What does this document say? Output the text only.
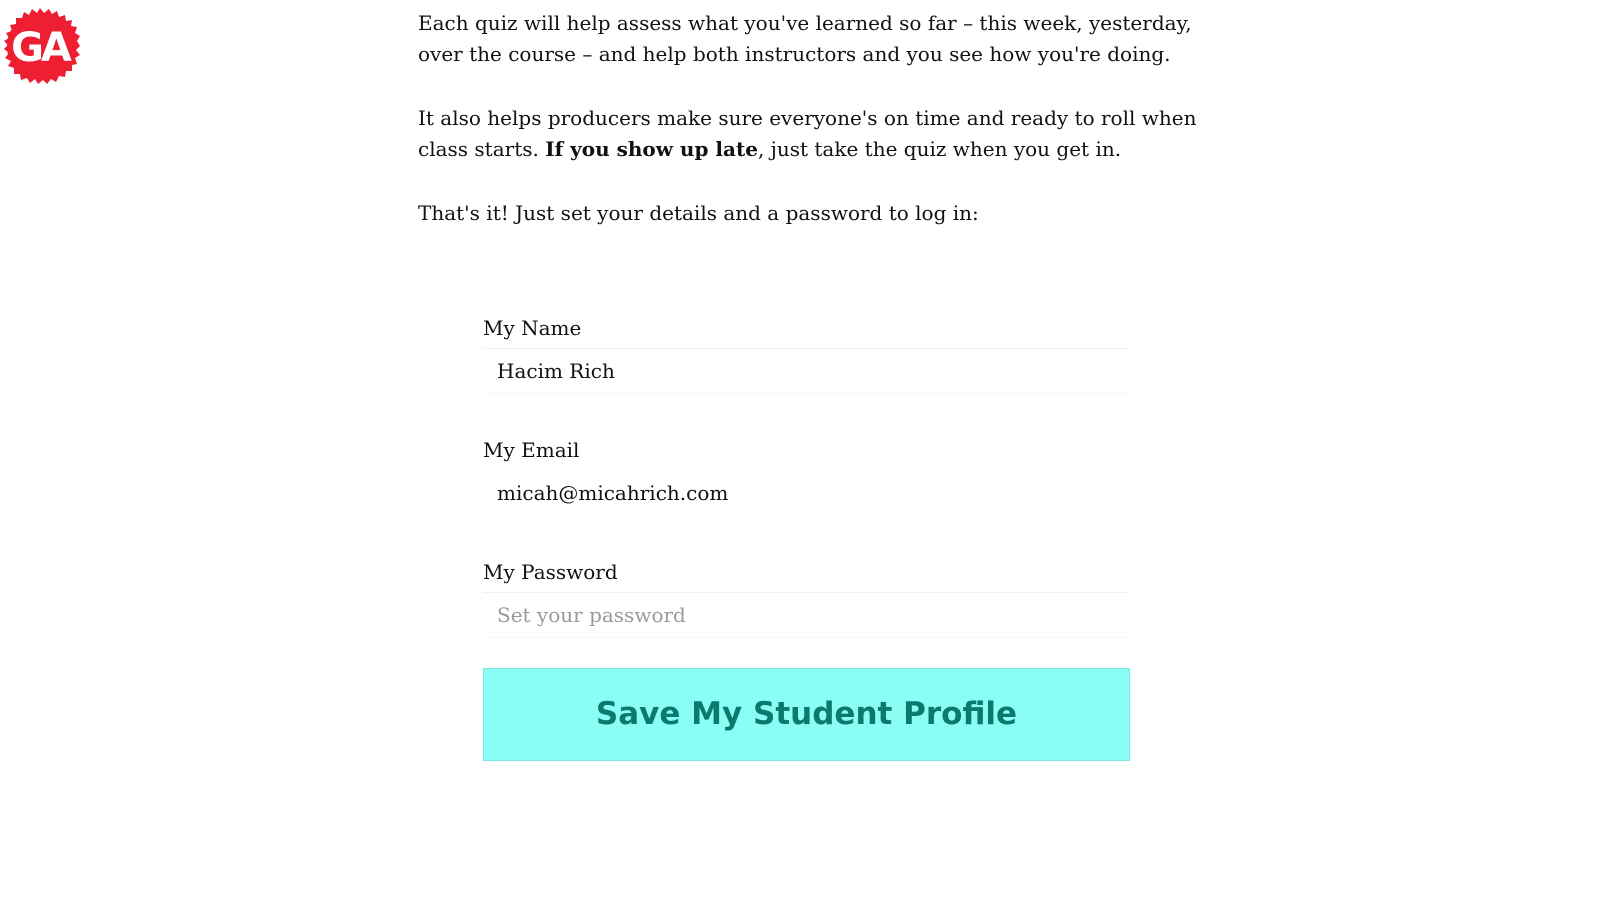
GA

Each quiz will help assess what you've learned so far – this week, yesterday, over the course – and help both instructors and you see how you're doing.

It also helps producers make sure everyone's on time and ready to roll when class starts. If you show up late, just take the quiz when you get in.

That's it! Just set your details and a password to log in:

My Name
Hacim Rich
My Email
micah@micahrich.com
My Password
Save My Student Profile
